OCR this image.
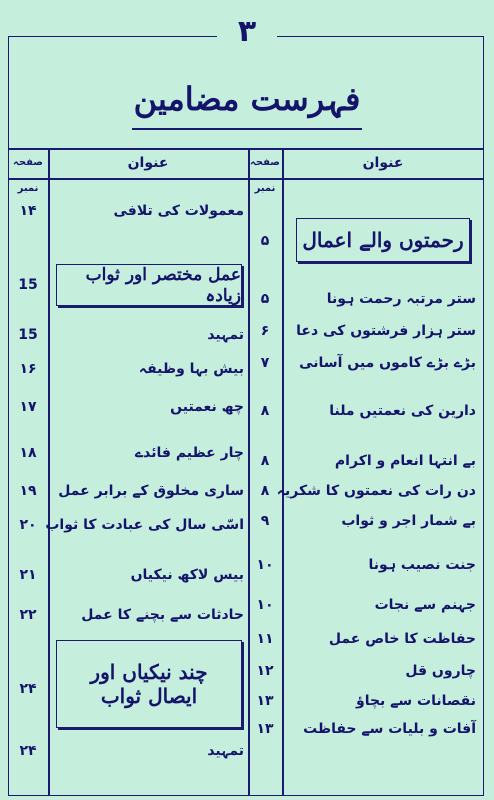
۳
فہرست مضامین
عنوان
صفحہ نمبر
عنوان
صفحہ نمبر
رحمتوں والے اعمال
۵
ستر مرتبہ رحمت ہونا
۵
ستر ہزار فرشتوں کی دعا
۶
بڑے بڑے کاموں میں آسانی
۷
دارین کی نعمتیں ملنا
۸
بے انتہا انعام و اکرام
۸
دن رات کی نعمتوں کا شکریہ
۸
بے شمار اجر و ثواب
۹
جنت نصیب ہونا
۱۰
جہنم سے نجات
۱۰
حفاظت کا خاص عمل
۱۱
چاروں قل
۱۲
نقصانات سے بچاؤ
۱۳
آفات و بلیات سے حفاظت
۱۳
معمولات کی تلافی
۱۴
عمل مختصر اور ثواب زیادہ
15
تمہید
15
بیش بہا وظیفہ
۱۶
چھ نعمتیں
۱۷
چار عظیم فائدے
۱۸
ساری مخلوق کے برابر عمل
۱۹
اسّی سال کی عبادت کا ثواب
۲۰
بیس لاکھ نیکیاں
۲۱
حادثات سے بچنے کا عمل
۲۲
چند نیکیاں اور
ایصال ثواب
۲۴
تمہید
۲۴
